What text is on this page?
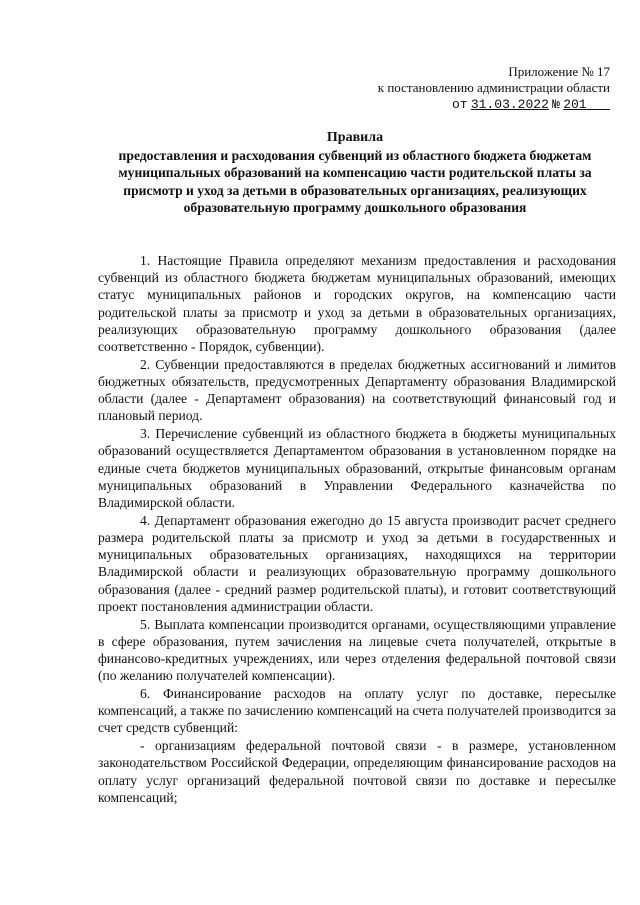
Приложение № 17
к постановлению администрации области
от 31.03.2022 № 201
Правила
предоставления и расходования субвенций из областного бюджета бюджетам муниципальных образований на компенсацию части родительской платы за присмотр и уход за детьми в образовательных организациях, реализующих образовательную программу дошкольного образования

1. Настоящие Правила определяют механизм предоставления и расходования субвенций из областного бюджета бюджетам муниципальных образований, имеющих статус муниципальных районов и городских округов, на компенсацию части родительской платы за присмотр и уход за детьми в образовательных организациях, реализующих образовательную программу дошкольного образования (далее соответственно - Порядок, субвенции).

2. Субвенции предоставляются в пределах бюджетных ассигнований и лимитов бюджетных обязательств, предусмотренных Департаменту образования Владимирской области (далее - Департамент образования) на соответствующий финансовый год и плановый период.

3. Перечисление субвенций из областного бюджета в бюджеты муниципальных образований осуществляется Департаментом образования в установленном порядке на единые счета бюджетов муниципальных образований, открытые финансовым органам муниципальных образований в Управлении Федерального казначейства по Владимирской области.

4. Департамент образования ежегодно до 15 августа производит расчет среднего размера родительской платы за присмотр и уход за детьми в государственных и муниципальных образовательных организациях, находящихся на территории Владимирской области и реализующих образовательную программу дошкольного образования (далее - средний размер родительской платы), и готовит соответствующий проект постановления администрации области.

5. Выплата компенсации производится органами, осуществляющими управление в сфере образования, путем зачисления на лицевые счета получателей, открытые в финансово-кредитных учреждениях, или через отделения федеральной почтовой связи (по желанию получателей компенсации).

6. Финансирование расходов на оплату услуг по доставке, пересылке компенсаций, а также по зачислению компенсаций на счета получателей производится за счет средств субвенций:

- организациям федеральной почтовой связи - в размере, установленном законодательством Российской Федерации, определяющим финансирование расходов на оплату услуг организаций федеральной почтовой связи по доставке и пересылке компенсаций;
